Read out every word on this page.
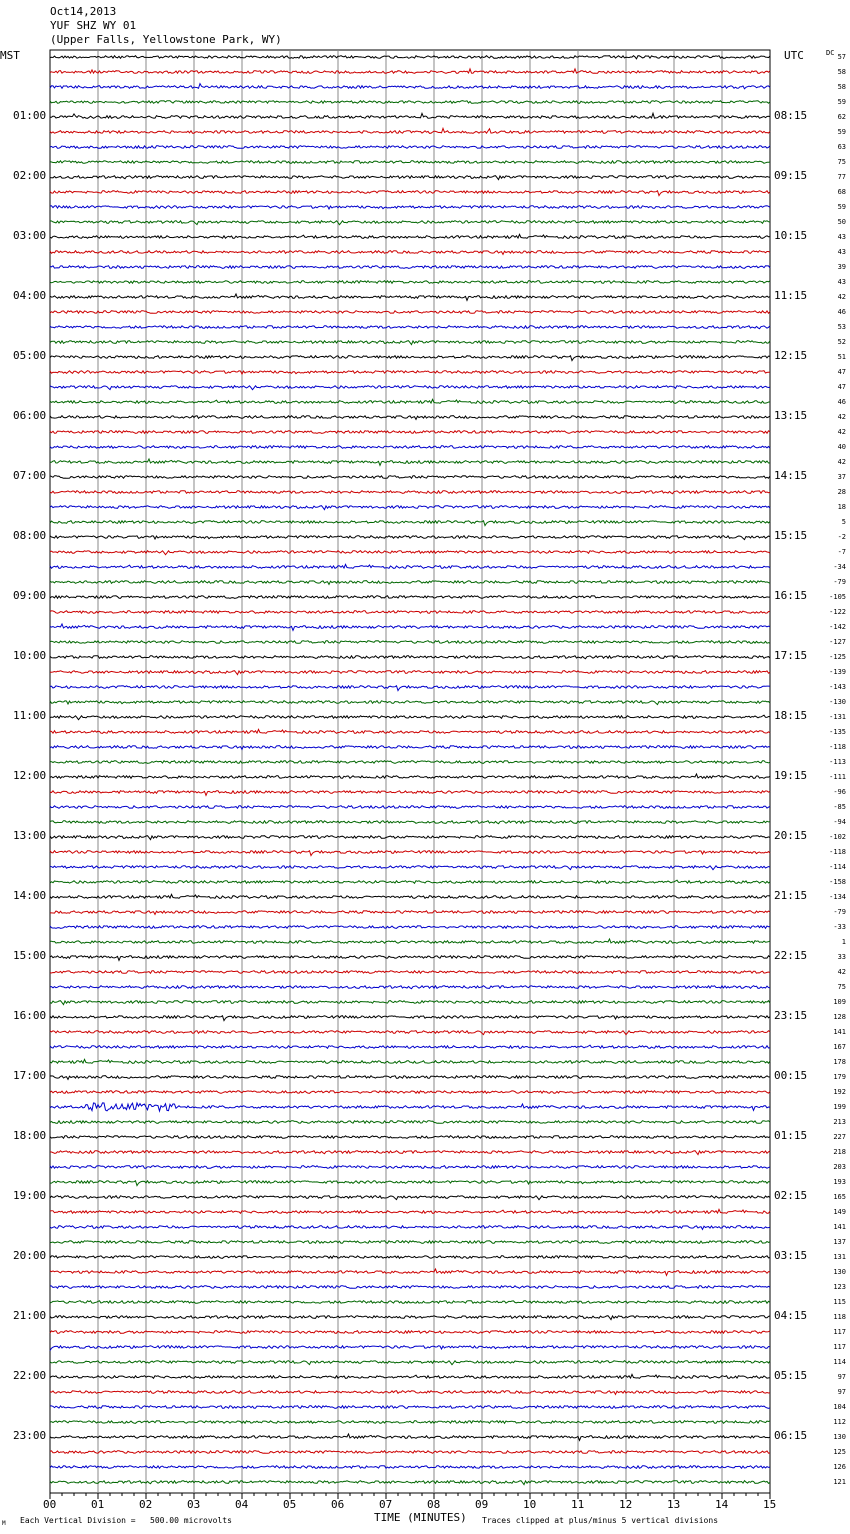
Oct14,2013
YUF SHZ WY 01
(Upper Falls, Yellowstone Park, WY)
MST	UTC	DC
01:00
02:00
03:00
04:00
05:00
06:00
07:00
08:00
09:00
10:00
11:00
12:00
13:00
14:00
15:00
16:00
17:00
18:00
19:00
20:00
21:00
22:00
23:00
08:15
09:15
10:15
11:15
12:15
13:15
14:15
15:15
16:15
17:15
18:15
19:15
20:15
21:15
22:15
23:15
00:15
01:15
02:15
03:15
04:15
05:15
06:15
57
58
58
59
62
59
63
75
77
68
59
50
43
43
39
43
42
46
53
52
51
47
47
46
42
42
40
42
37
28
18
5
-2
-7
-34
-79
-105
-122
-142
-127
-125
-139
-143
-130
-131
-135
-118
-113
-111
-96
-85
-94
-102
-118
-114
-158
-134
-79
-33
1
33
42
75
109
128
141
167
178
179
192
199
213
227
218
203
193
165
149
141
137
131
130
123
115
118
117
117
114
97
97
104
112
130
125
126
121
00	01	02	03	04	05	06	07	08	09	10	11	12	13	14	15
TIME (MINUTES)
Each Vertical Division =   500.00 microvolts	Traces clipped at plus/minus 5 vertical divisions
M
